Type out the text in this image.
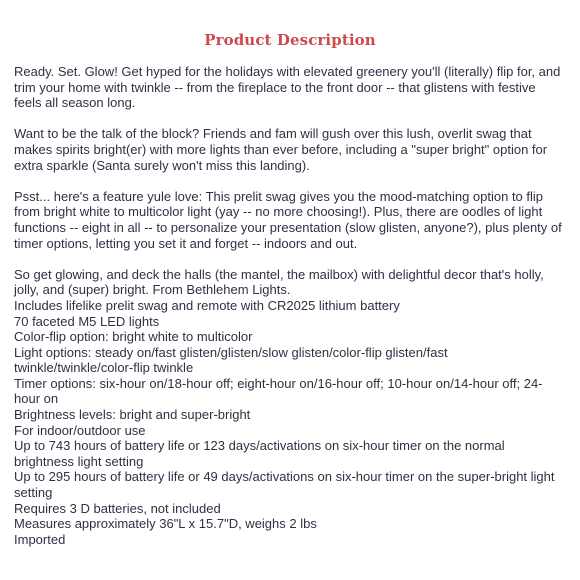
Product Description

Ready. Set. Glow! Get hyped for the holidays with elevated greenery you'll (literally) flip for, and trim your home with twinkle -- from the fireplace to the front door -- that glistens with festive feels all season long.

Want to be the talk of the block? Friends and fam will gush over this lush, overlit swag that makes spirits bright(er) with more lights than ever before, including a "super bright" option for extra sparkle (Santa surely won't miss this landing).

Psst... here's a feature yule love: This prelit swag gives you the mood-matching option to flip from bright white to multicolor light (yay -- no more choosing!). Plus, there are oodles of light functions -- eight in all -- to personalize your presentation (slow glisten, anyone?), plus plenty of timer options, letting you set it and forget -- indoors and out.

So get glowing, and deck the halls (the mantel, the mailbox) with delightful decor that's holly, jolly, and (super) bright. From Bethlehem Lights.

Includes lifelike prelit swag and remote with CR2025 lithium battery
70 faceted M5 LED lights
Color-flip option: bright white to multicolor
Light options: steady on/fast glisten/glisten/slow glisten/color-flip glisten/fast twinkle/twinkle/color-flip twinkle
Timer options: six-hour on/18-hour off; eight-hour on/16-hour off; 10-hour on/14-hour off; 24-hour on
Brightness levels: bright and super-bright
For indoor/outdoor use
Up to 743 hours of battery life or 123 days/activations on six-hour timer on the normal brightness light setting
Up to 295 hours of battery life or 49 days/activations on six-hour timer on the super-bright light setting
Requires 3 D batteries, not included
Measures approximately 36"L x 15.7"D, weighs 2 lbs
Imported
